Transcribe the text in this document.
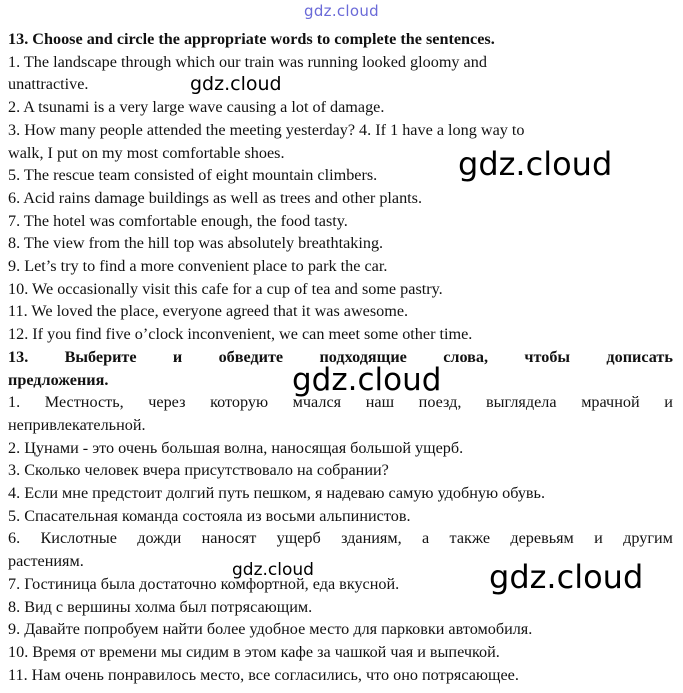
gdz.cloud

13. Choose and circle the appropriate words to complete the sentences.

1. The landscape through which our train was running looked gloomy and

unattractive.

2. A tsunami is a very large wave causing a lot of damage.

3. How many people attended the meeting yesterday? 4. If 1 have a long way to

walk, I put on my most comfortable shoes.

5. The rescue team consisted of eight mountain climbers.

6. Acid rains damage buildings as well as trees and other plants.

7. The hotel was comfortable enough, the food tasty.

8. The view from the hill top was absolutely breathtaking.

9. Let’s try to find a more convenient place to park the car.

10. We occasionally visit this cafe for a cup of tea and some pastry.

11. We loved the place, everyone agreed that it was awesome.

12. If you find five o’clock inconvenient, we can meet some other time.

13. Выберите и обведите подходящие слова, чтобы дописать

предложения.

1. Местность, через которую мчался наш поезд, выглядела мрачной и

непривлекательной.

2. Цунами - это очень большая волна, наносящая большой ущерб.

3. Сколько человек вчера присутствовало на собрании?

4. Если мне предстоит долгий путь пешком, я надеваю самую удобную обувь.

5. Спасательная команда состояла из восьми альпинистов.

6. Кислотные дожди наносят ущерб зданиям, а также деревьям и другим

растениям.

7. Гостиница была достаточно комфортной, еда вкусной.

8. Вид с вершины холма был потрясающим.

9. Давайте попробуем найти более удобное место для парковки автомобиля.

10. Время от времени мы сидим в этом кафе за чашкой чая и выпечкой.

11. Нам очень понравилось место, все согласились, что оно потрясающее.

gdz.cloud
gdz.cloud
gdz.cloud
gdz.cloud	gdz.cloud
